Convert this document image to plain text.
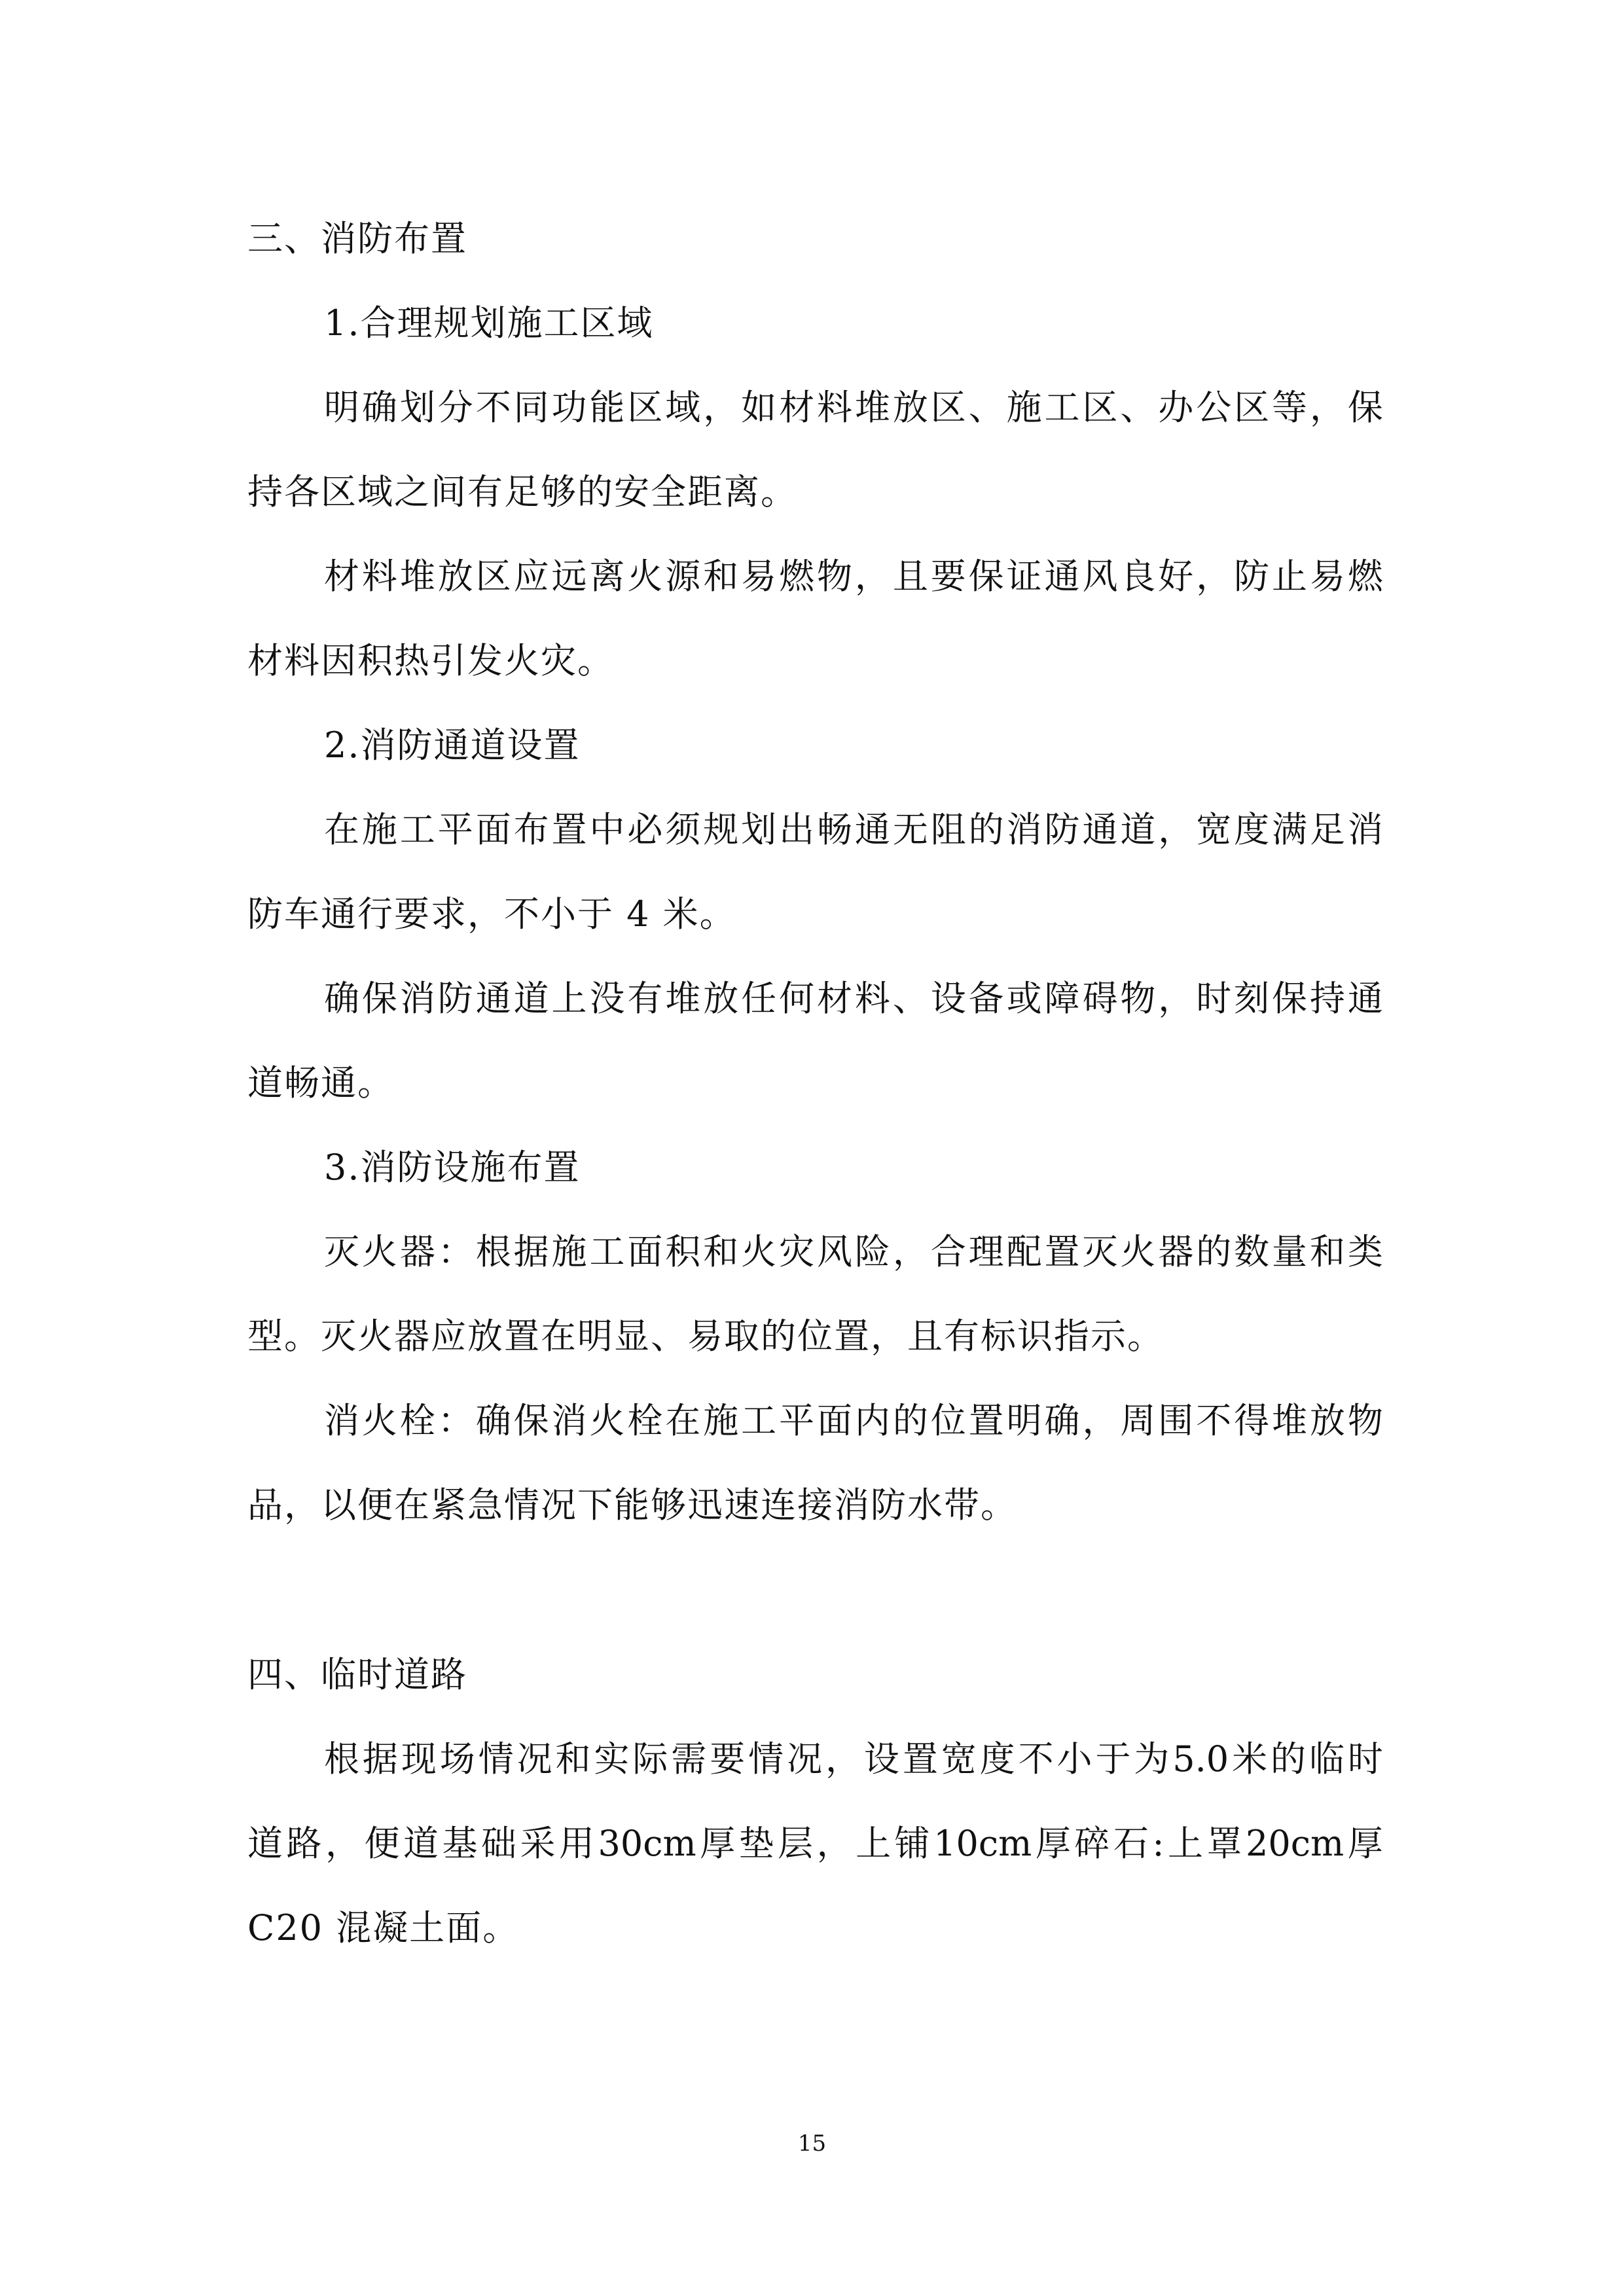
三、消防布置
1.合理规划施工区域
明 确 划 分 不 同 功 能 区 域 ， 如 材 料 堆 放 区 、 施 工 区 、 办 公 区 等 ， 保
持各区域之间有足够的安全距离。
材 料 堆 放 区 应 远 离 火 源 和 易 燃 物 ， 且 要 保 证 通 风 良 好 ， 防 止 易 燃
材料因积热引发火灾。
2.消防通道设置
在 施 工 平 面 布 置 中 必 须 规 划 出 畅 通 无 阻 的 消 防 通 道 ， 宽 度 满 足 消
防车通行要求，不小于 4 米。
确 保 消 防 通 道 上 没 有 堆 放 任 何 材 料 、 设 备 或 障 碍 物 ， 时 刻 保 持 通
道畅通。
3.消防设施布置
灭 火 器 ： 根 据 施 工 面 积 和 火 灾 风 险 ， 合 理 配 置 灭 火 器 的 数 量 和 类
型。灭火器应放置在明显、易取的位置，且有标识指示。
消 火 栓 ： 确 保 消 火 栓 在 施 工 平 面 内 的 位 置 明 确 ， 周 围 不 得 堆 放 物
品，以便在紧急情况下能够迅速连接消防水带。
四、临时道路
根 据 现 场 情 况 和 实 际 需 要 情 况 ， 设 置 宽 度 不 小 于 为 5.0 米 的 临 时
道 路 ， 便 道 基 础 采 用 30cm 厚 垫 层 ， 上 铺 10cm 厚 碎 石 : 上 罩 20cm 厚
C20 混凝土面。
15
